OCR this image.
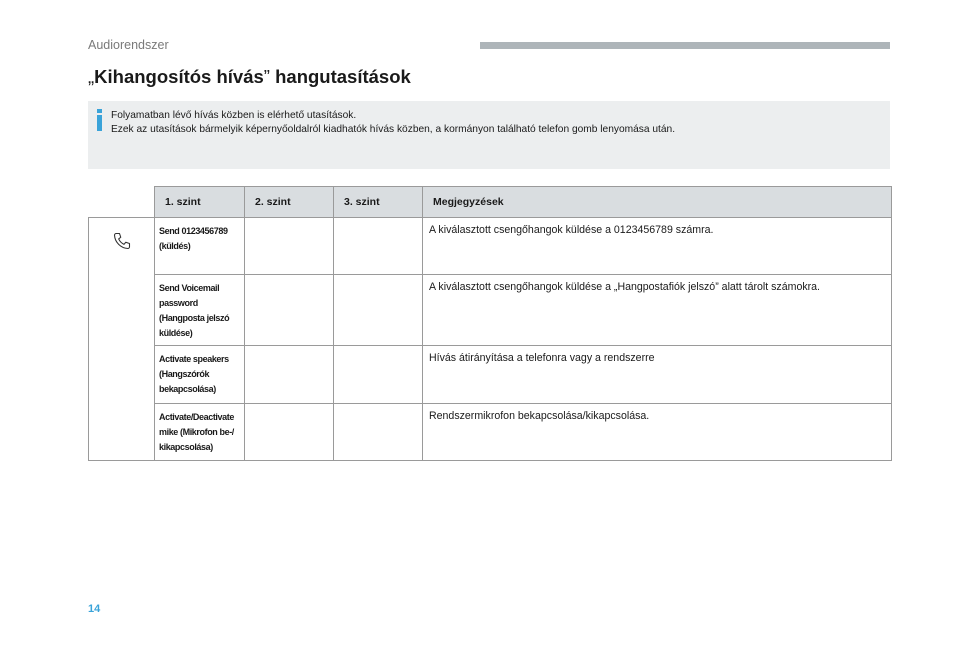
Audiorendszer
„Kihangosítós hívás” hangutasítások
Folyamatban lévő hívás közben is elérhető utasítások.
Ezek az utasítások bármelyik képernyőoldalról kiadhatók hívás közben, a kormányon található telefon gomb lenyomása után.
	1. szint	2. szint	3. szint	Megjegyzések

	Send 0123456789 (küldés)			A kiválasztott csengőhangok küldése a 0123456789 számra.
	Send Voicemail password (Hangposta jelszó küldése)			A kiválasztott csengőhangok küldése a „Hangpostafiók jelszó” alatt tárolt számokra.
	Activate speakers (Hangszórók bekapcsolása)			Hívás átirányítása a telefonra vagy a rendszerre
	Activate/Deactivate mike (Mikrofon be-/ kikapcsolása)			Rendszermikrofon bekapcsolása/kikapcsolása.
14
